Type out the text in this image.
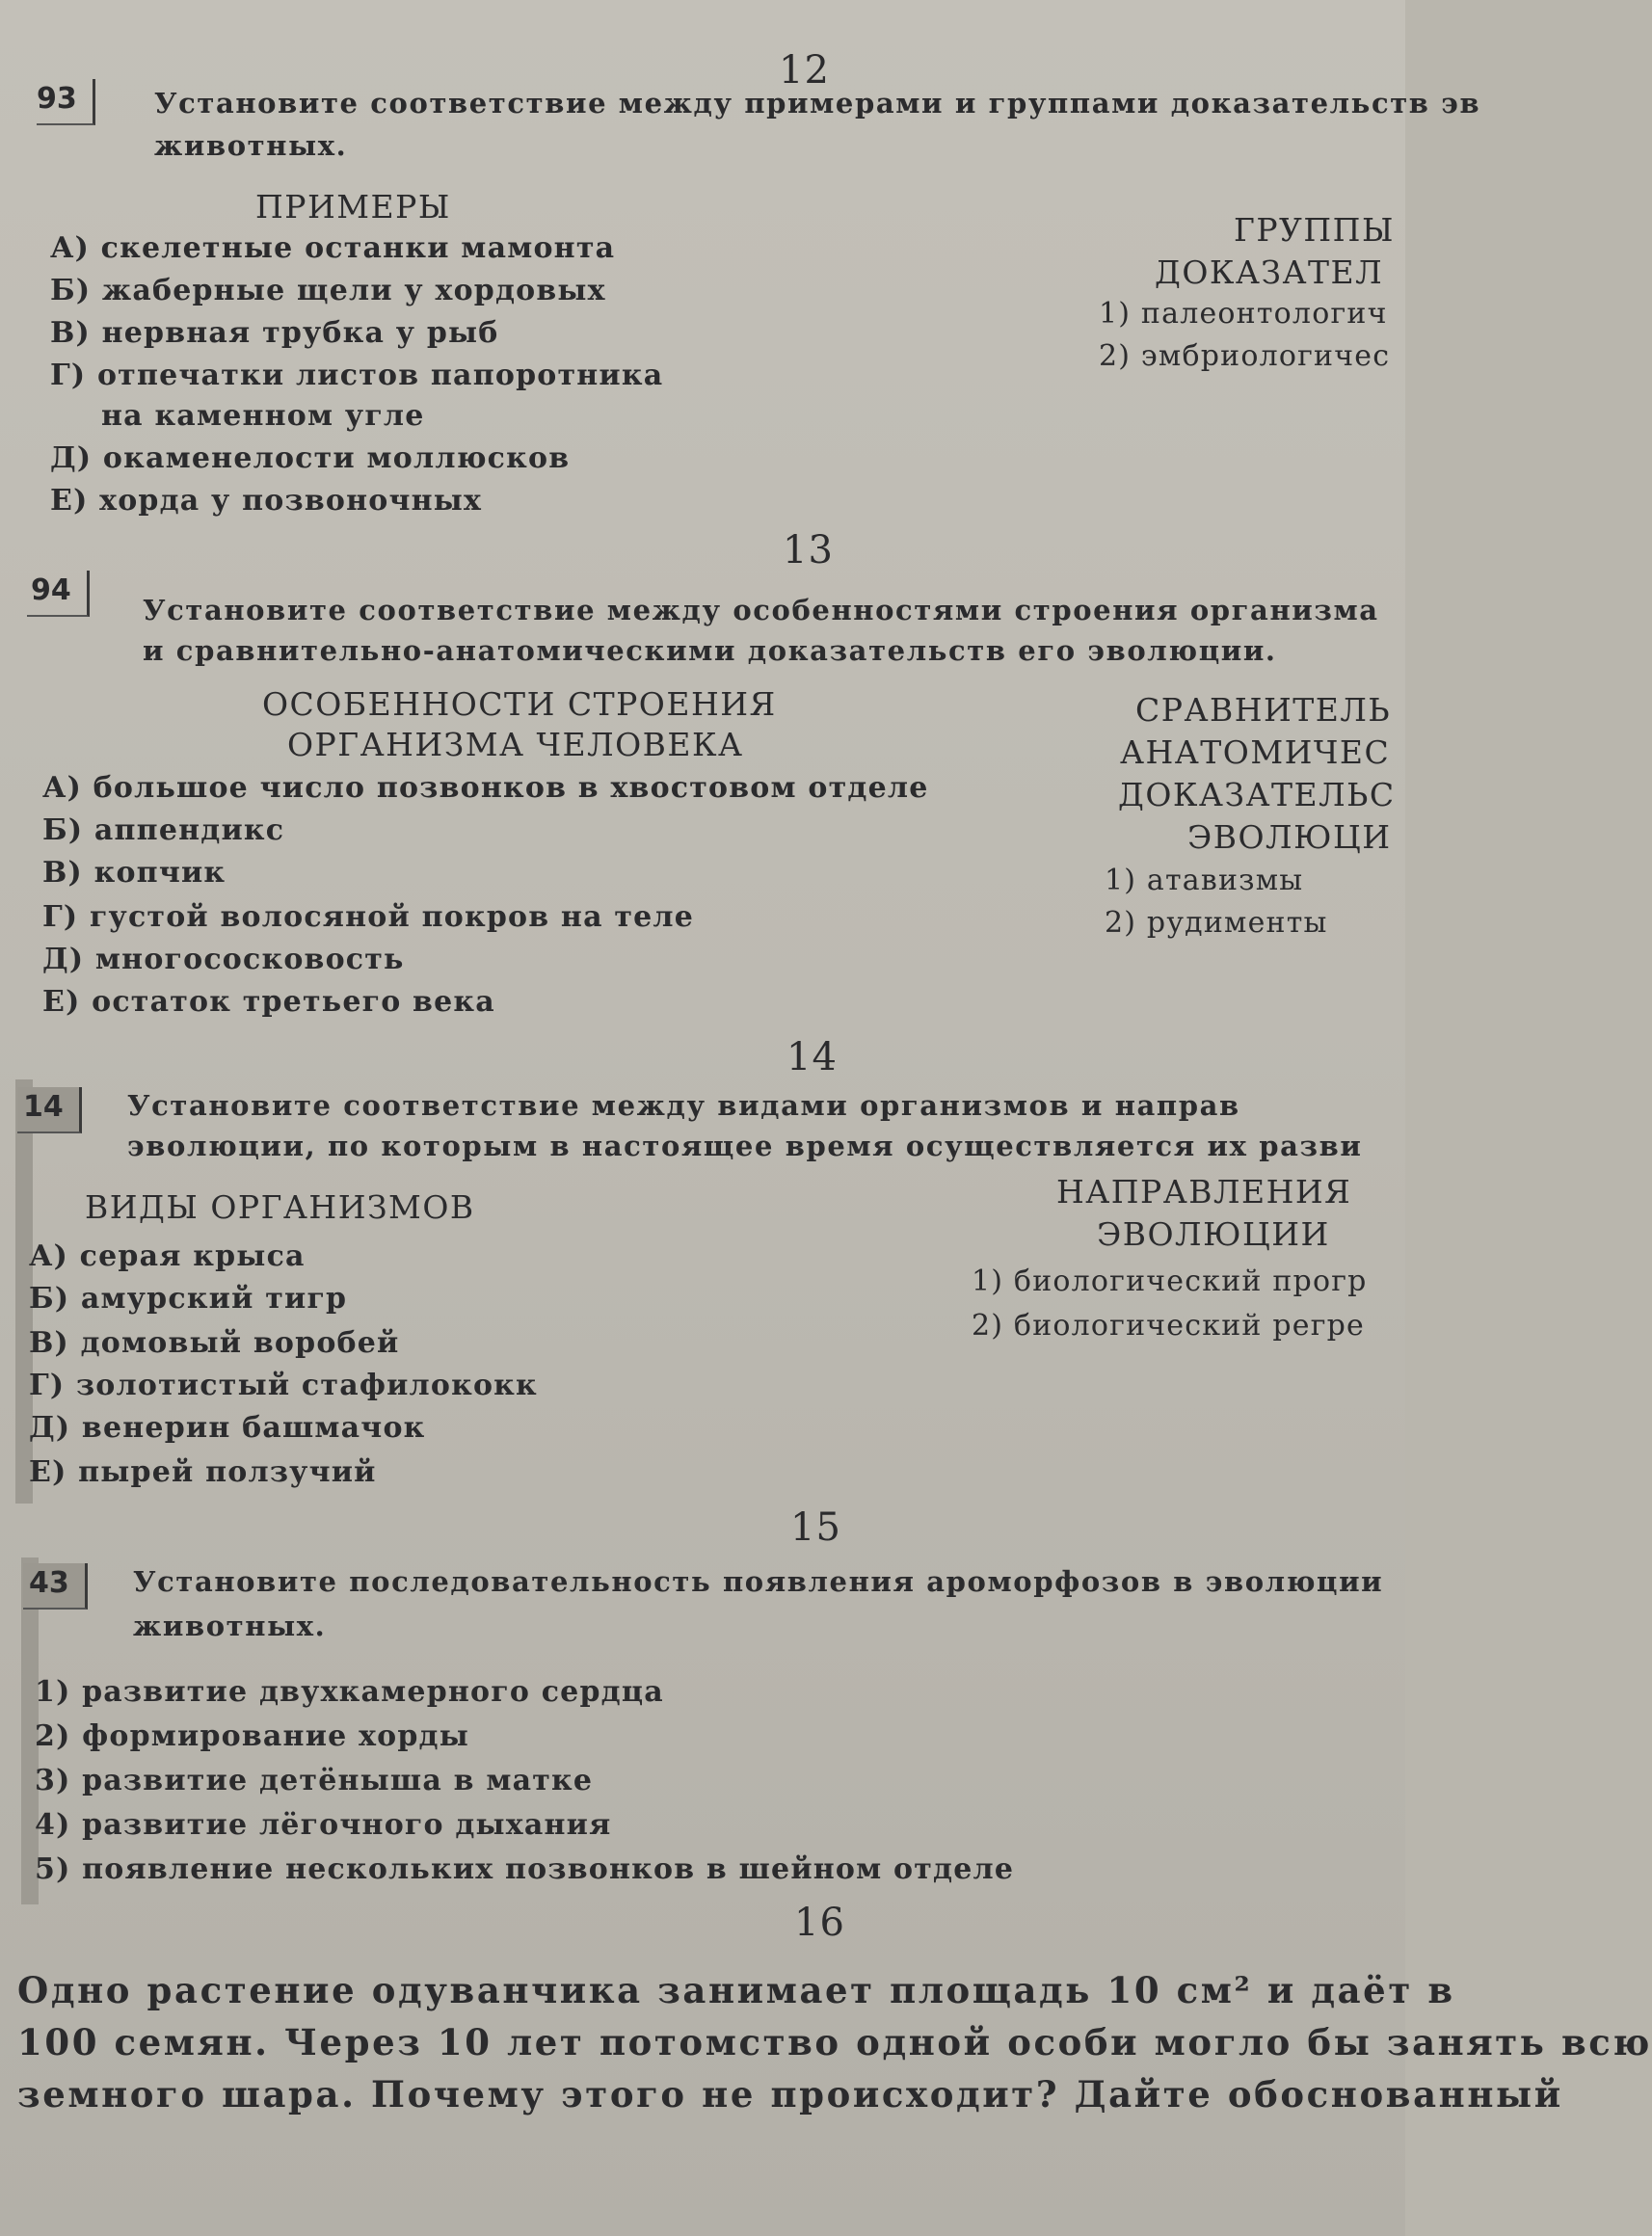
12
93	Установите соответствие между примерами и группами доказательств эв
животных.
ПРИМЕРЫ
А) скелетные останки мамонта
Б) жаберные щели у хордовых
В) нервная трубка у рыб
Г) отпечатки листов папоротника
на каменном угле
Д) окаменелости моллюсков
Е) хорда у позвоночных
ГРУППЫ
ДОКАЗАТЕЛ
1) палеонтологич
2) эмбриологичес
13
94
Установите соответствие между особенностями строения организма
и сравнительно-анатомическими доказательств его эволюции.
ОСОБЕННОСТИ СТРОЕНИЯ
ОРГАНИЗМА ЧЕЛОВЕКА
А) большое число позвонков в хвостовом отделе
Б) аппендикс
В) копчик
Г) густой волосяной покров на теле
Д) многососковость
Е) остаток третьего века
СРАВНИТЕЛЬ
АНАТОМИЧЕС
ДОКАЗАТЕЛЬС
ЭВОЛЮЦИ
1) атавизмы
2) рудименты
14
14	Установите соответствие между видами организмов и направ
эволюции, по которым в настоящее время осуществляется их разви
ВИДЫ ОРГАНИЗМОВ
А) серая крыса
Б) амурский тигр
В) домовый воробей
Г) золотистый стафилококк
Д) венерин башмачок
Е) пырей ползучий
НАПРАВЛЕНИЯ
ЭВОЛЮЦИИ
1) биологический прогр
2) биологический регре
15
43	Установите последовательность появления ароморфозов в эволюции
животных.
1) развитие двухкамерного сердца
2) формирование хорды
3) развитие детёныша в матке
4) развитие лёгочного дыхания
5) появление нескольких позвонков в шейном отделе
16
Одно растение одуванчика занимает площадь 10 см² и даёт в
100 семян. Через 10 лет потомство одной особи могло бы занять всю
земного шара. Почему этого не происходит? Дайте обоснованный
